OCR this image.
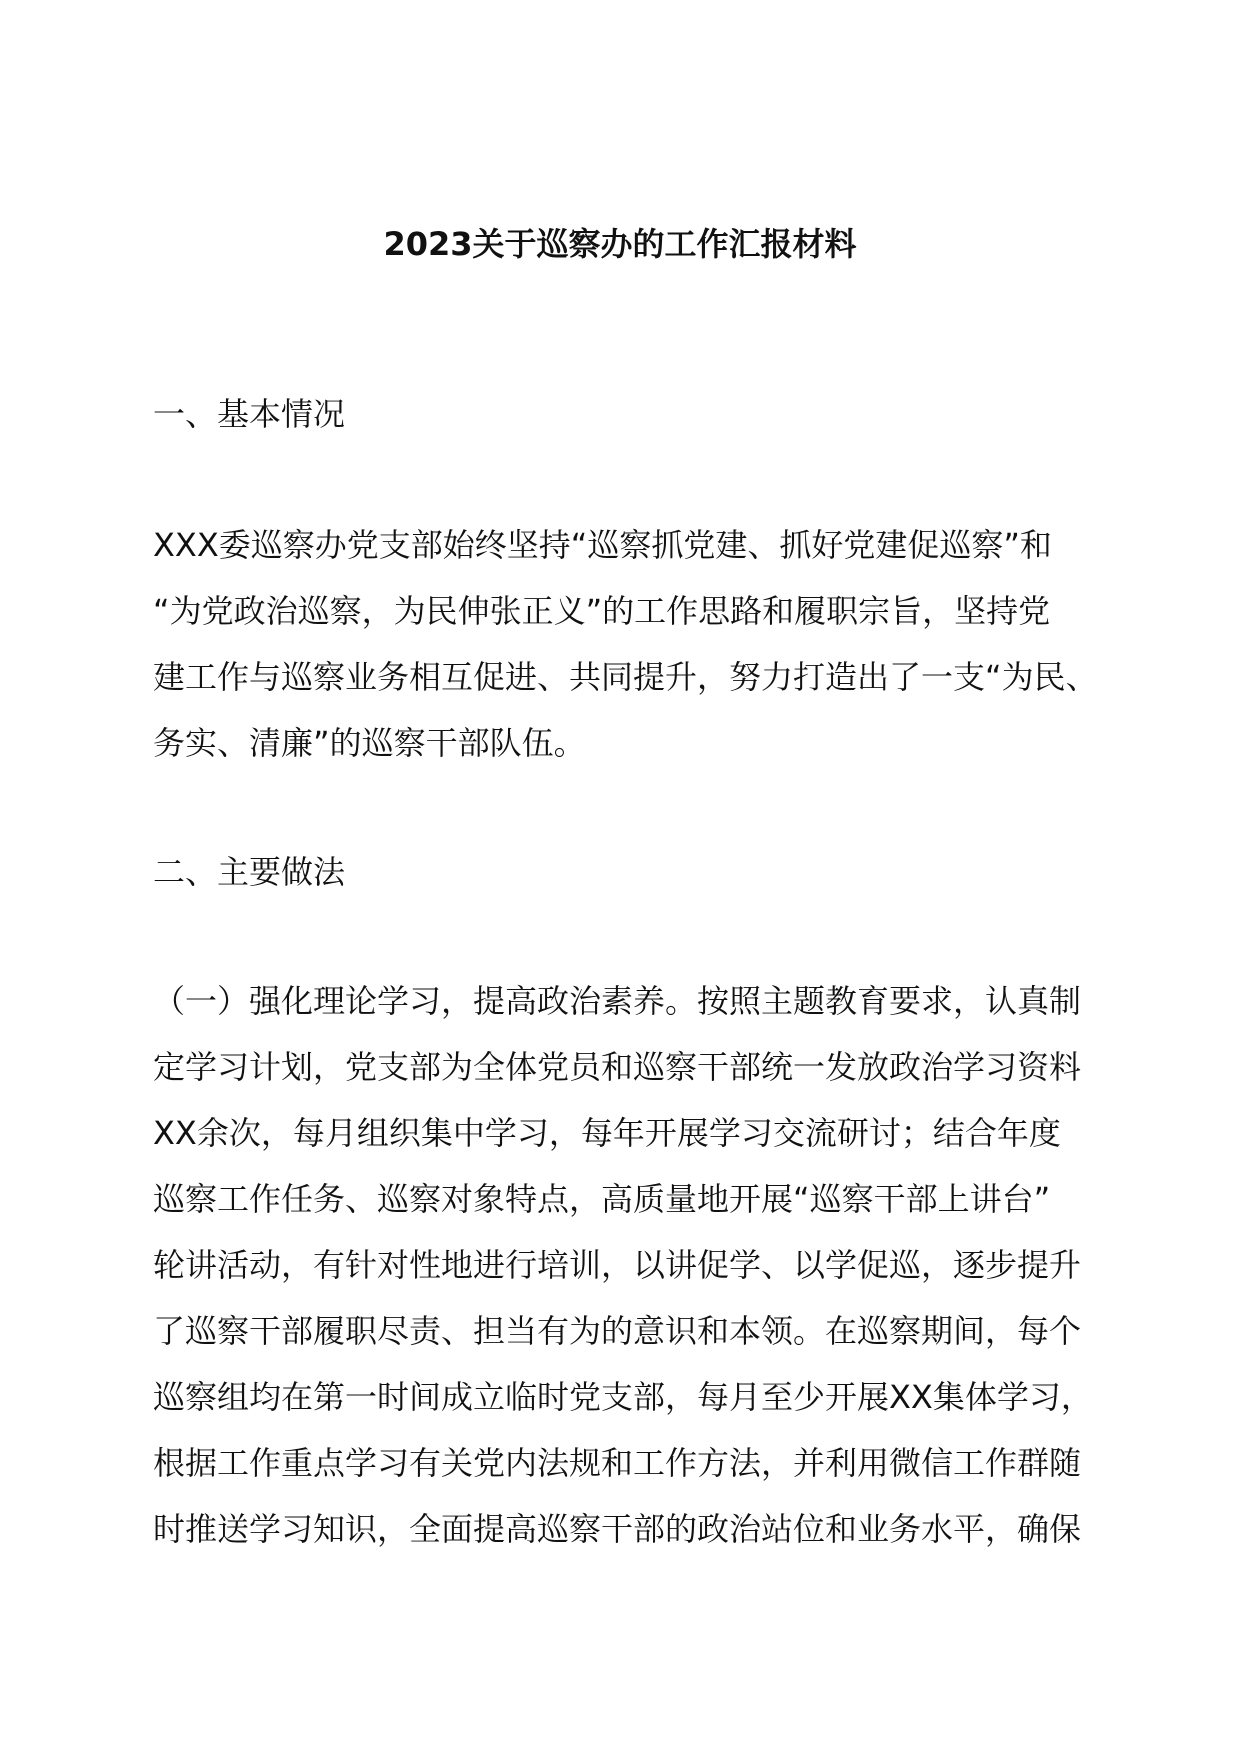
2023关于巡察办的工作汇报材料
一、基本情况
XXX委巡察办党支部始终坚持“巡察抓党建、抓好党建促巡察”和
“为党政治巡察，为民伸张正义”的工作思路和履职宗旨，坚持党
建工作与巡察业务相互促进、共同提升，努力打造出了一支“为民、
务实、清廉”的巡察干部队伍。
二、主要做法
（一）强化理论学习，提高政治素养。按照主题教育要求，认真制
定学习计划，党支部为全体党员和巡察干部统一发放政治学习资料
XX余次，每月组织集中学习，每年开展学习交流研讨；结合年度
巡察工作任务、巡察对象特点，高质量地开展“巡察干部上讲台”
轮讲活动，有针对性地进行培训，以讲促学、以学促巡，逐步提升
了巡察干部履职尽责、担当有为的意识和本领。在巡察期间，每个
巡察组均在第一时间成立临时党支部，每月至少开展XX集体学习，
根据工作重点学习有关党内法规和工作方法，并利用微信工作群随
时推送学习知识，全面提高巡察干部的政治站位和业务水平，确保
